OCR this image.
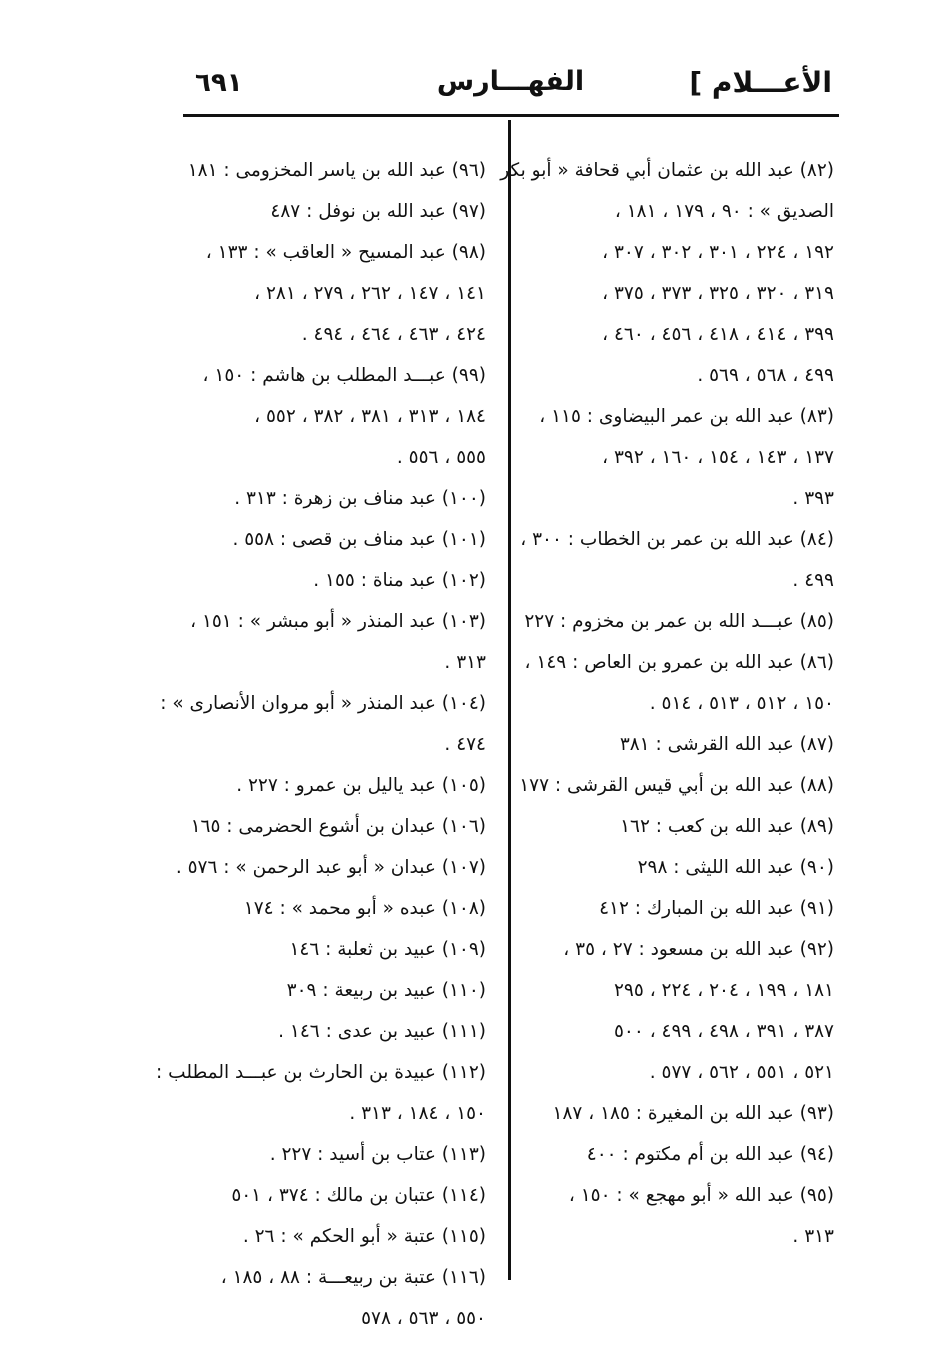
٦٩١	الفهـــارس	الأعـــلام ]
(٨٢) عبد الله بن عثمان أبي قحافة « أبو بكر
الصديق » : ٩٠ ، ١٧٩ ، ١٨١ ،
١٩٢ ، ٢٢٤ ، ٣٠١ ، ٣٠٢ ، ٣٠٧ ،
٣١٩ ، ٣٢٠ ، ٣٢٥ ، ٣٧٣ ، ٣٧٥ ،
٣٩٩ ، ٤١٤ ، ٤١٨ ، ٤٥٦ ، ٤٦٠ ،
٤٩٩ ، ٥٦٨ ، ٥٦٩ .
(٨٣) عبد الله بن عمر البيضاوى : ١١٥ ،
١٣٧ ، ١٤٣ ، ١٥٤ ، ١٦٠ ، ٣٩٢ ،
٣٩٣ .
(٨٤) عبد الله بن عمر بن الخطاب : ٣٠٠ ،
٤٩٩ .
(٨٥) عبـــد الله بن عمر بن مخزوم : ٢٢٧
(٨٦) عبد الله بن عمرو بن العاص : ١٤٩ ،
١٥٠ ، ٥١٢ ، ٥١٣ ، ٥١٤ .
(٨٧) عبد الله القرشى : ٣٨١
(٨٨) عبد الله بن أبي قيس القرشى : ١٧٧
(٨٩) عبد الله بن كعب : ١٦٢
(٩٠) عبد الله الليثى : ٢٩٨
(٩١) عبد الله بن المبارك : ٤١٢
(٩٢) عبد الله بن مسعود : ٢٧ ، ٣٥ ،
١٨١ ، ١٩٩ ، ٢٠٤ ، ٢٢٤ ، ٢٩٥
٣٨٧ ، ٣٩١ ، ٤٩٨ ، ٤٩٩ ، ٥٠٠
٥٢١ ، ٥٥١ ، ٥٦٢ ، ٥٧٧ .
(٩٣) عبد الله بن المغيرة : ١٨٥ ، ١٨٧
(٩٤) عبد الله بن أم مكتوم : ٤٠٠
(٩٥) عبد الله « أبو مهجع » : ١٥٠ ،
٣١٣ .
(٩٦) عبد الله بن ياسر المخزومى : ١٨١
(٩٧) عبد الله بن نوفل : ٤٨٧
(٩٨) عبد المسيح « العاقب » : ١٣٣ ،
١٤١ ، ١٤٧ ، ٢٦٢ ، ٢٧٩ ، ٢٨١ ،
٤٢٤ ، ٤٦٣ ، ٤٦٤ ، ٤٩٤ .
(٩٩) عبـــد المطلب بن هاشم : ١٥٠ ،
١٨٤ ، ٣١٣ ، ٣٨١ ، ٣٨٢ ، ٥٥٢ ،
٥٥٥ ، ٥٥٦ .
(١٠٠) عبد مناف بن زهرة : ٣١٣ .
(١٠١) عبد مناف بن قصى : ٥٥٨ .
(١٠٢) عبد مناة : ١٥٥ .
(١٠٣) عبد المنذر « أبو مبشر » : ١٥١ ،
٣١٣ .
(١٠٤) عبد المنذر « أبو مروان الأنصارى » :
٤٧٤ .
(١٠٥) عبد ياليل بن عمرو : ٢٢٧ .
(١٠٦) عبدان بن أشوع الحضرمى : ١٦٥
(١٠٧) عبدان « أبو عبد الرحمن » : ٥٧٦ .
(١٠٨) عبده « أبو محمد » : ١٧٤
(١٠٩) عبيد بن ثعلبة : ١٤٦
(١١٠) عبيد بن ربيعة : ٣٠٩
(١١١) عبيد بن عدى : ١٤٦ .
(١١٢) عبيدة بن الحارث بن عبـــد المطلب :
١٥٠ ، ١٨٤ ، ٣١٣ .
(١١٣) عتاب بن أسيد : ٢٢٧ .
(١١٤) عتبان بن مالك : ٣٧٤ ، ٥٠١
(١١٥) عتبة « أبو الحكم » : ٢٦ .
(١١٦) عتبة بن ربيعـــة : ٨٨ ، ١٨٥ ،
٥٥٠ ، ٥٦٣ ، ٥٧٨
